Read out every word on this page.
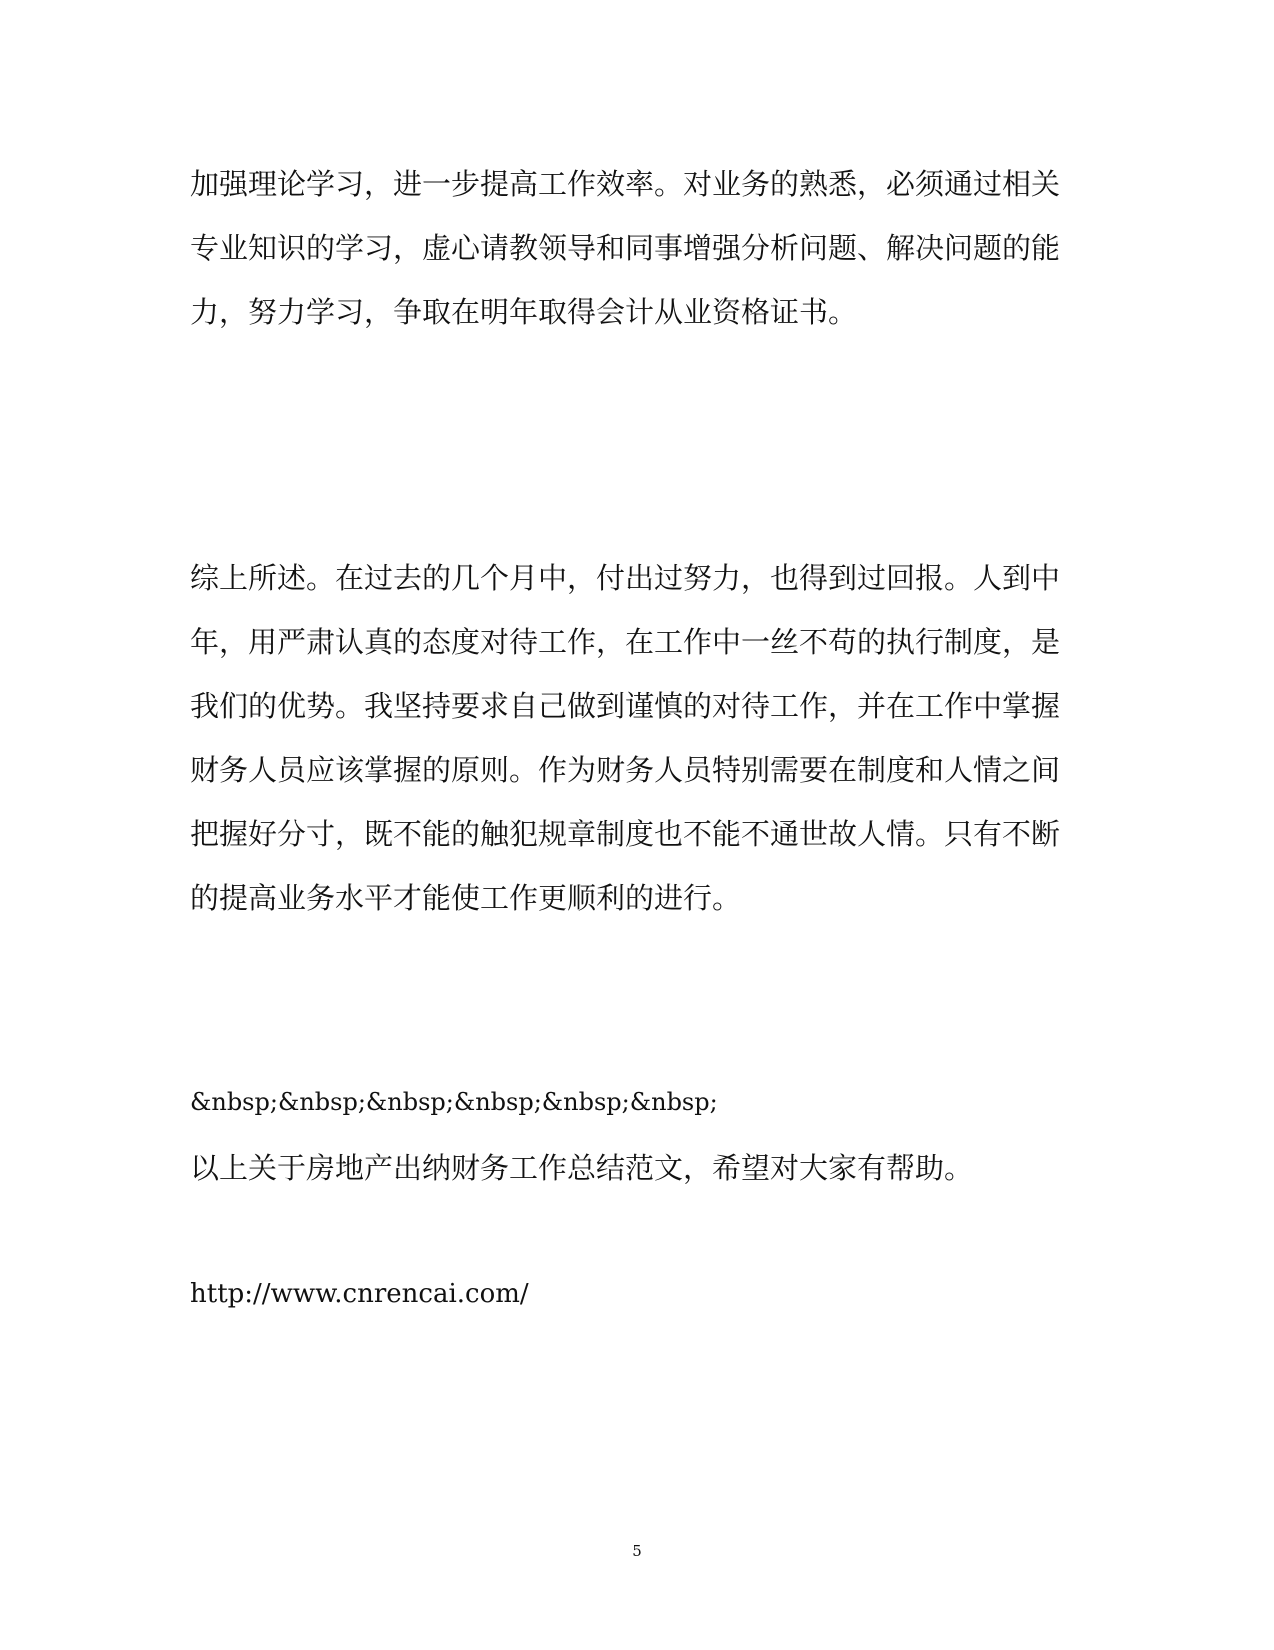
加强理论学习，进一步提高工作效率。对业务的熟悉，必须通过相关
专业知识的学习，虚心请教领导和同事增强分析问题、解决问题的能
力，努力学习，争取在明年取得会计从业资格证书。
综上所述。在过去的几个月中，付出过努力，也得到过回报。人到中
年，用严肃认真的态度对待工作，在工作中一丝不苟的执行制度，是
我们的优势。我坚持要求自己做到谨慎的对待工作，并在工作中掌握
财务人员应该掌握的原则。作为财务人员特别需要在制度和人情之间
把握好分寸，既不能的触犯规章制度也不能不通世故人情。只有不断
的提高业务水平才能使工作更顺利的进行。
&nbsp;&nbsp;&nbsp;&nbsp;&nbsp;&nbsp;
以上关于房地产出纳财务工作总结范文，希望对大家有帮助。
http://www.cnrencai.com/
5
